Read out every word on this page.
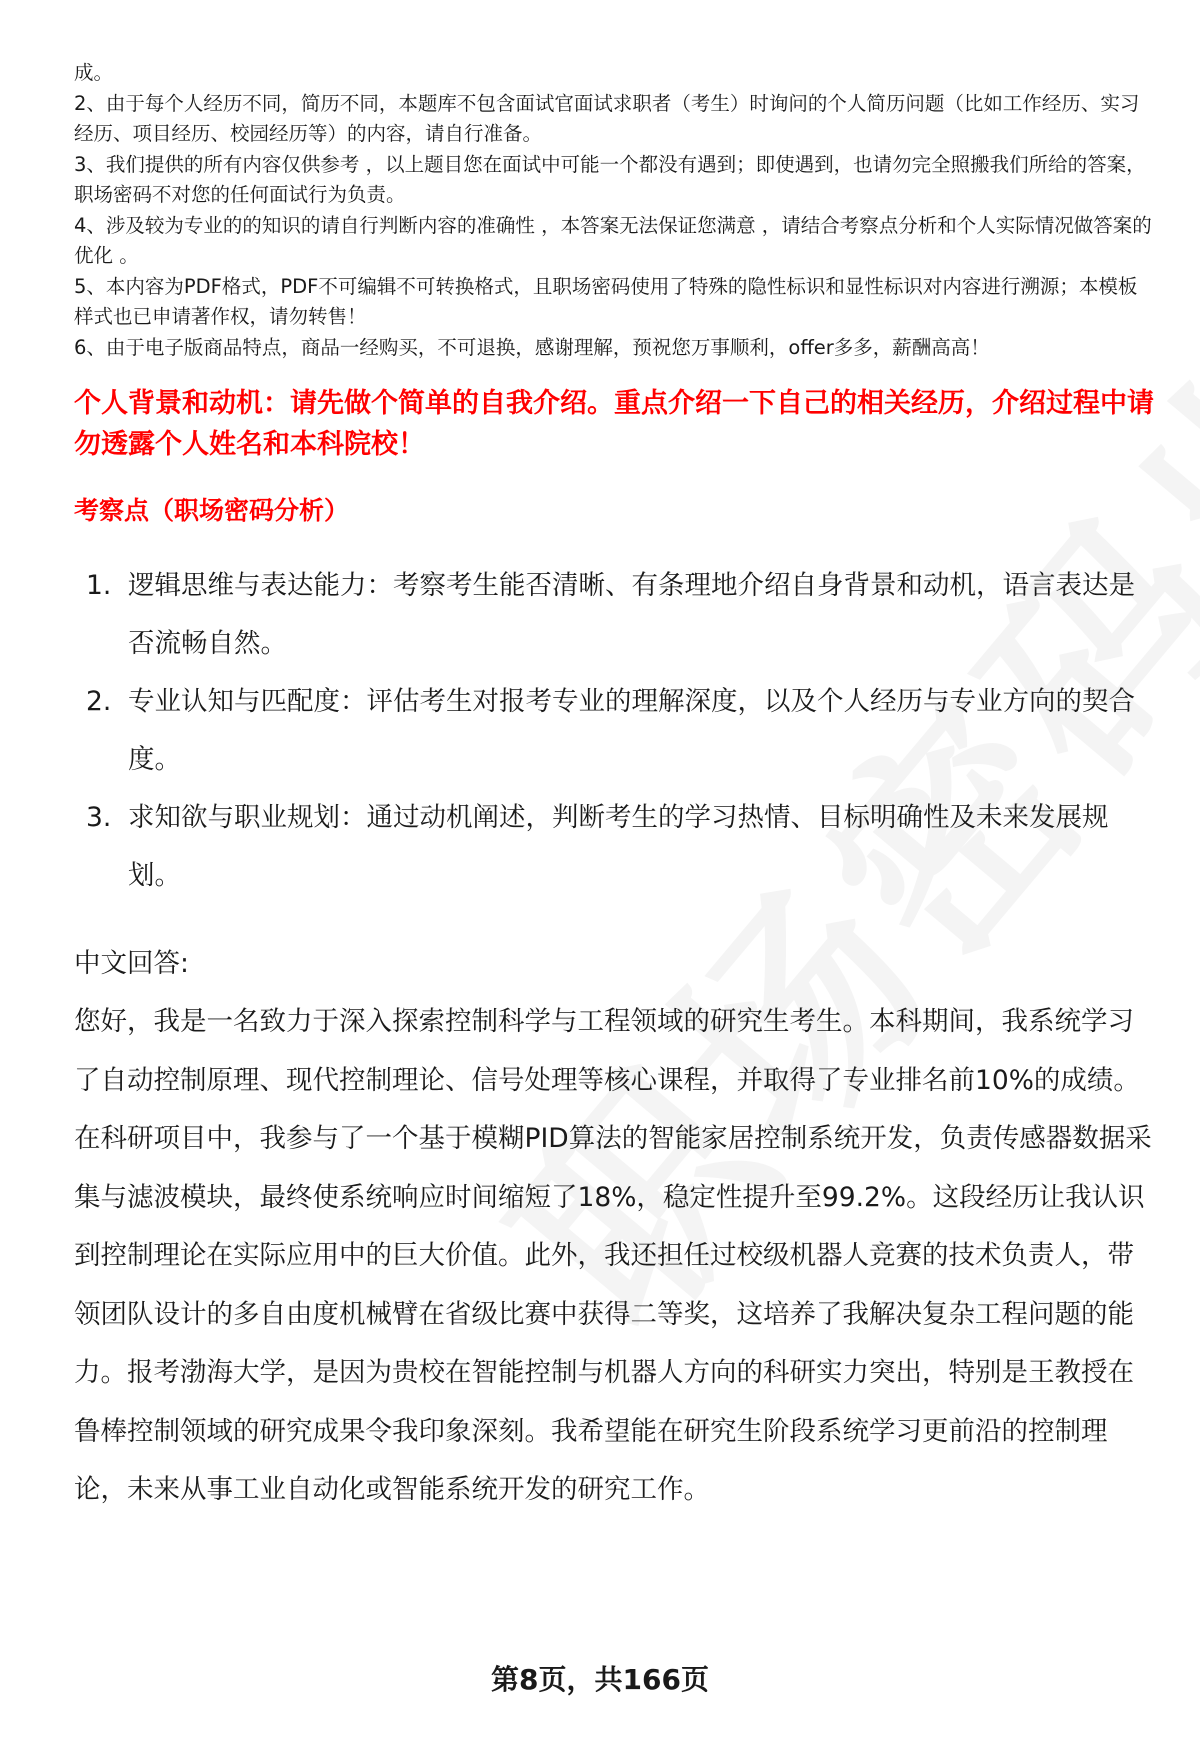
成。

2、由于每个人经历不同，简历不同，本题库不包含面试官面试求职者（考生）时询问的个人简历问题（比如工作经历、实习经历、项目经历、校园经历等）的内容，请自行准备。

3、我们提供的所有内容仅供参考 ，以上题目您在面试中可能一个都没有遇到；即使遇到，也请勿完全照搬我们所给的答案，职场密码不对您的任何面试行为负责。

4、涉及较为专业的的知识的请自行判断内容的准确性 ，本答案无法保证您满意 ，请结合考察点分析和个人实际情况做答案的优化 。

5、本内容为PDF格式，PDF不可编辑不可转换格式，且职场密码使用了特殊的隐性标识和显性标识对内容进行溯源；本模板样式也已申请著作权，请勿转售！

6、由于电子版商品特点，商品一经购买，不可退换，感谢理解，预祝您万事顺利，offer多多，薪酬高高！

个人背景和动机：请先做个简单的自我介绍。重点介绍一下自己的相关经历，介绍过程中请勿透露个人姓名和本科院校！

考察点（职场密码分析）

1. 逻辑思维与表达能力：考察考生能否清晰、有条理地介绍自身背景和动机，语言表达是否流畅自然。
2. 专业认知与匹配度：评估考生对报考专业的理解深度，以及个人经历与专业方向的契合度。
3. 求知欲与职业规划：通过动机阐述，判断考生的学习热情、目标明确性及未来发展规划。

中文回答:

您好，我是一名致力于深入探索控制科学与工程领域的研究生考生。本科期间，我系统学习了自动控制原理、现代控制理论、信号处理等核心课程，并取得了专业排名前10%的成绩。在科研项目中，我参与了一个基于模糊PID算法的智能家居控制系统开发，负责传感器数据采集与滤波模块，最终使系统响应时间缩短了18%，稳定性提升至99.2%。这段经历让我认识到控制理论在实际应用中的巨大价值。此外，我还担任过校级机器人竞赛的技术负责人，带领团队设计的多自由度机械臂在省级比赛中获得二等奖，这培养了我解决复杂工程问题的能力。报考渤海大学，是因为贵校在智能控制与机器人方向的科研实力突出，特别是王教授在鲁棒控制领域的研究成果令我印象深刻。我希望能在研究生阶段系统学习更前沿的控制理论，未来从事工业自动化或智能系统开发的研究工作。

第8页，共166页
